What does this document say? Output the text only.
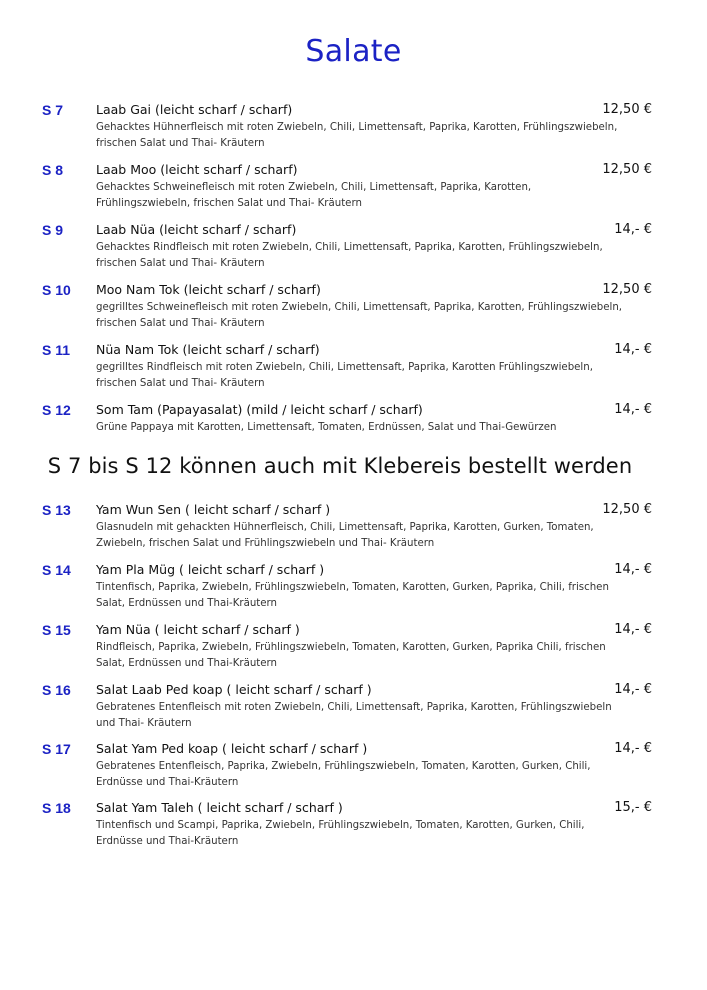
Salate
S 7	Laab Gai (leicht scharf / scharf)	12,50 €
Gehacktes Hühnerfleisch mit roten Zwiebeln, Chili, Limettensaft, Paprika, Karotten, Frühlingszwiebeln, frischen Salat und Thai- Kräutern
S 8	Laab Moo (leicht scharf / scharf)	12,50 €
Gehacktes Schweinefleisch mit roten Zwiebeln, Chili, Limettensaft, Paprika, Karotten, Frühlingszwiebeln, frischen Salat und Thai- Kräutern
S 9	Laab Nüa (leicht scharf / scharf)	14,- €
Gehacktes Rindfleisch mit roten Zwiebeln, Chili, Limettensaft, Paprika, Karotten, Frühlingszwiebeln, frischen Salat und Thai- Kräutern
S 10	Moo Nam Tok (leicht scharf / scharf)	12,50 €
gegrilltes Schweinefleisch mit roten Zwiebeln, Chili, Limettensaft, Paprika, Karotten, Frühlingszwiebeln, frischen Salat und Thai- Kräutern
S 11	Nüa Nam Tok (leicht scharf / scharf)	14,- €
gegrilltes Rindfleisch mit roten Zwiebeln, Chili, Limettensaft, Paprika, Karotten Frühlingszwiebeln, frischen Salat und Thai- Kräutern
S 12	Som Tam (Papayasalat) (mild / leicht scharf / scharf)	14,- €
Grüne Pappaya mit Karotten, Limettensaft, Tomaten, Erdnüssen, Salat und Thai-Gewürzen
S 7 bis S 12 können auch mit Klebereis bestellt werden
S 13	Yam Wun Sen ( leicht scharf / scharf )	12,50 €
Glasnudeln mit gehackten Hühnerfleisch, Chili, Limettensaft, Paprika, Karotten, Gurken, Tomaten, Zwiebeln, frischen Salat und Frühlingszwiebeln und Thai- Kräutern
S 14	Yam Pla Müg ( leicht scharf / scharf )	14,- €
Tintenfisch, Paprika, Zwiebeln, Frühlingszwiebeln, Tomaten, Karotten, Gurken, Paprika, Chili, frischen Salat, Erdnüssen und Thai-Kräutern
S 15	Yam Nüa ( leicht scharf / scharf )	14,- €
Rindfleisch, Paprika, Zwiebeln, Frühlingszwiebeln, Tomaten, Karotten, Gurken, Paprika Chili, frischen Salat, Erdnüssen und Thai-Kräutern
S 16	Salat Laab Ped koap ( leicht scharf / scharf )	14,- €
Gebratenes Entenfleisch mit roten Zwiebeln, Chili, Limettensaft, Paprika, Karotten, Frühlingszwiebeln und Thai- Kräutern
S 17	Salat Yam Ped koap ( leicht scharf / scharf )	14,- €
Gebratenes Entenfleisch, Paprika, Zwiebeln, Frühlingszwiebeln, Tomaten, Karotten, Gurken, Chili, Erdnüsse und Thai-Kräutern
S 18	Salat Yam Taleh ( leicht scharf / scharf )	15,- €
Tintenfisch und Scampi, Paprika, Zwiebeln, Frühlingszwiebeln, Tomaten, Karotten, Gurken, Chili, Erdnüsse und Thai-Kräutern
